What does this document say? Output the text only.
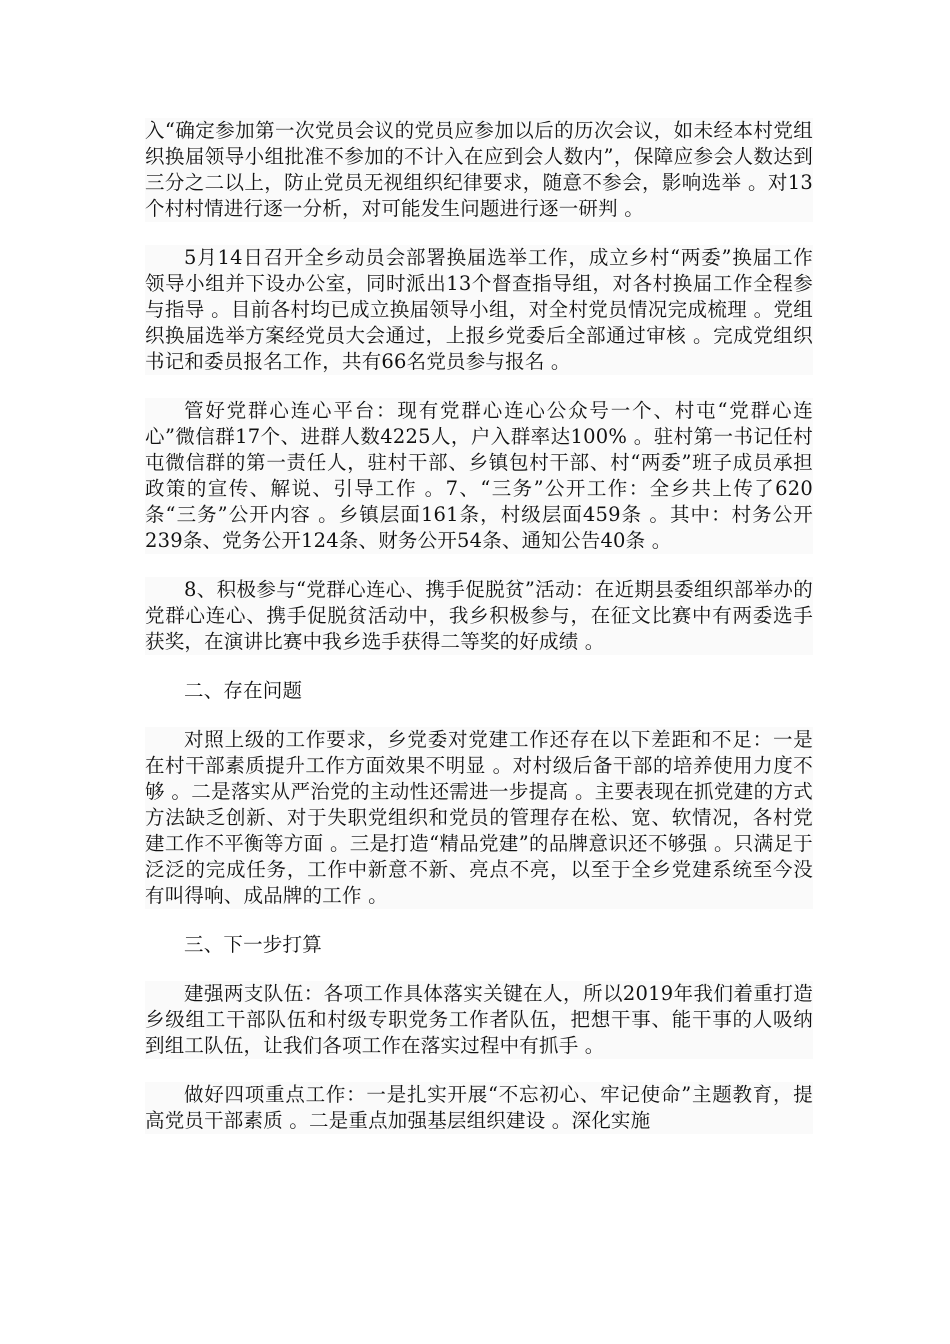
入“确定参加第一次党员会议的党员应参加以后的历次会议，如未经本村党组织换届领导小组批准不参加的不计入在应到会人数内”，保障应参会人数达到三分之二以上，防止党员无视组织纪律要求，随意不参会，影响选举 。对13个村村情进行逐一分析，对可能发生问题进行逐一研判 。

5月14日召开全乡动员会部署换届选举工作，成立乡村“两委”换届工作领导小组并下设办公室，同时派出13个督查指导组，对各村换届工作全程参与指导 。目前各村均已成立换届领导小组，对全村党员情况完成梳理 。党组织换届选举方案经党员大会通过，上报乡党委后全部通过审核 。完成党组织书记和委员报名工作，共有66名党员参与报名 。

管好党群心连心平台：现有党群心连心公众号一个、村屯“党群心连心”微信群17个、进群人数4225人，户入群率达100% 。驻村第一书记任村屯微信群的第一责任人，驻村干部、乡镇包村干部、村“两委”班子成员承担政策的宣传、解说、引导工作 。7、“三务”公开工作：全乡共上传了620条“三务”公开内容 。乡镇层面161条，村级层面459条 。其中：村务公开239条、党务公开124条、财务公开54条、通知公告40条 。

8、积极参与“党群心连心、携手促脱贫”活动：在近期县委组织部举办的党群心连心、携手促脱贫活动中，我乡积极参与，在征文比赛中有两委选手获奖，在演讲比赛中我乡选手获得二等奖的好成绩 。

二、存在问题

对照上级的工作要求，乡党委对党建工作还存在以下差距和不足：一是在村干部素质提升工作方面效果不明显 。对村级后备干部的培养使用力度不够 。二是落实从严治党的主动性还需进一步提高 。主要表现在抓党建的方式方法缺乏创新、对于失职党组织和党员的管理存在松、宽、软情况，各村党建工作不平衡等方面 。三是打造“精品党建”的品牌意识还不够强 。只满足于泛泛的完成任务，工作中新意不新、亮点不亮，以至于全乡党建系统至今没有叫得响、成品牌的工作 。

三、下一步打算

建强两支队伍：各项工作具体落实关键在人，所以2019年我们着重打造乡级组工干部队伍和村级专职党务工作者队伍，把想干事、能干事的人吸纳到组工队伍，让我们各项工作在落实过程中有抓手 。

做好四项重点工作：一是扎实开展“不忘初心、牢记使命”主题教育，提高党员干部素质 。二是重点加强基层组织建设 。深化实施
